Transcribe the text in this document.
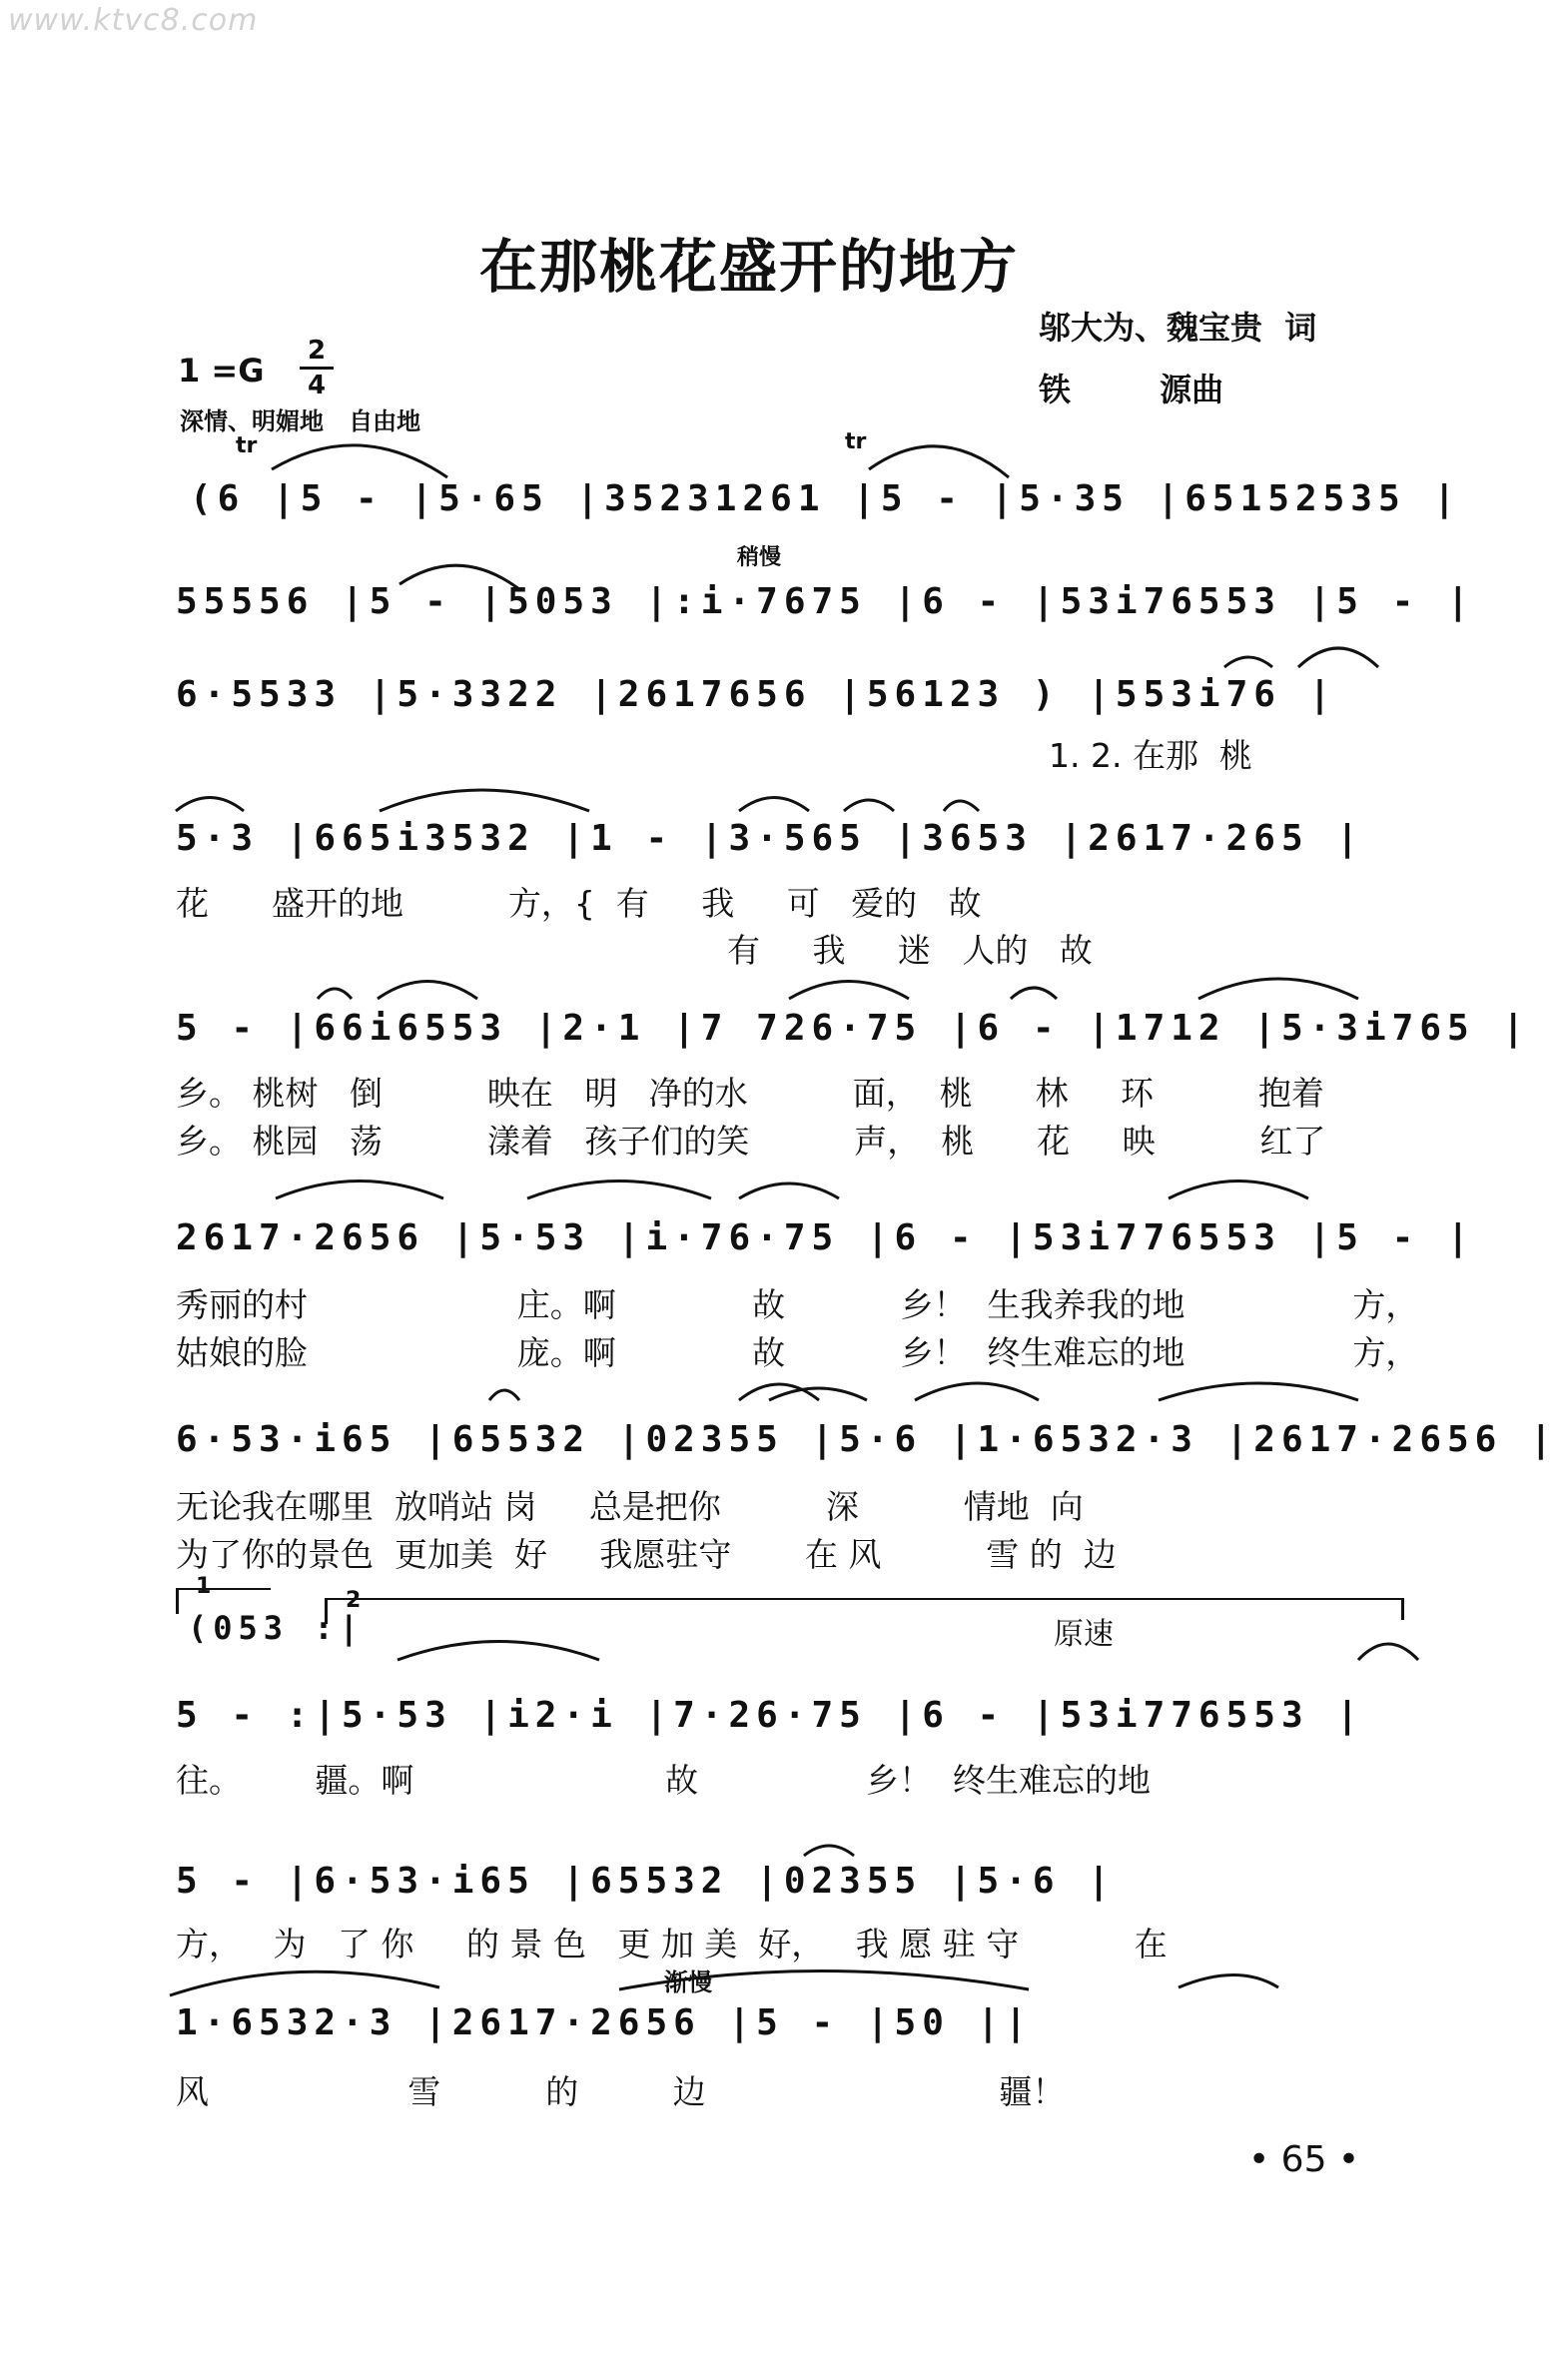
www.ktvc8.com
在那桃花盛开的地方
邬大为、魏宝贵  词
铁        源曲
1 =G
2
4
深情、明媚地   自由地
tr	tr
稍慢
原速
渐慢
1
2
(6 |5 - |5·65 |35231261 |5 - |5·35 |65152535 |
55556 |5 - |5053 |:i·7675 |6 - |53i76553 |5 - |
6·5533 |5·3322 |2617656 |56123 ) |553i76 |
1. 2. 在那  桃
5·3 |665i3532 |1 - |3·565 |3653 |2617·265 |
花      盛开的地          方，{  有     我     可   爱的   故
有     我     迷   人的   故
5 - |66i6553 |2·1 |7 726·75 |6 - |1712 |5·3i765 |
乡。 桃树   倒          映在   明   净的水          面，  桃      林     环          抱着
乡。 桃园   荡          漾着   孩子们的笑          声，  桃      花     映          红了
2617·2656 |5·53 |i·76·75 |6 - |53i776553 |5 - |
秀丽的村                    庄。啊             故           乡！  生我养我的地                方，
姑娘的脸                    庞。啊             故           乡！  终生难忘的地                方，
6·53·i65 |65532 |02355 |5·6 |1·6532·3 |2617·2656 |
无论我在哪里  放哨站 岗     总是把你          深          情地  向
为了你的景色  更加美  好     我愿驻守       在 风          雪 的  边
(053 :|
5 - :|5·53 |i2·i |7·26·75 |6 - |53i776553 |
往。       疆。啊                        故                乡！  终生难忘的地
5 - |6·53·i65 |65532 |02355 |5·6 |
方，   为   了 你     的 景 色   更 加 美  好，   我 愿 驻 守           在
1·6532·3 |2617·2656 |5 - |50 ||
风                   雪          的         边                            疆！
• 65 •
